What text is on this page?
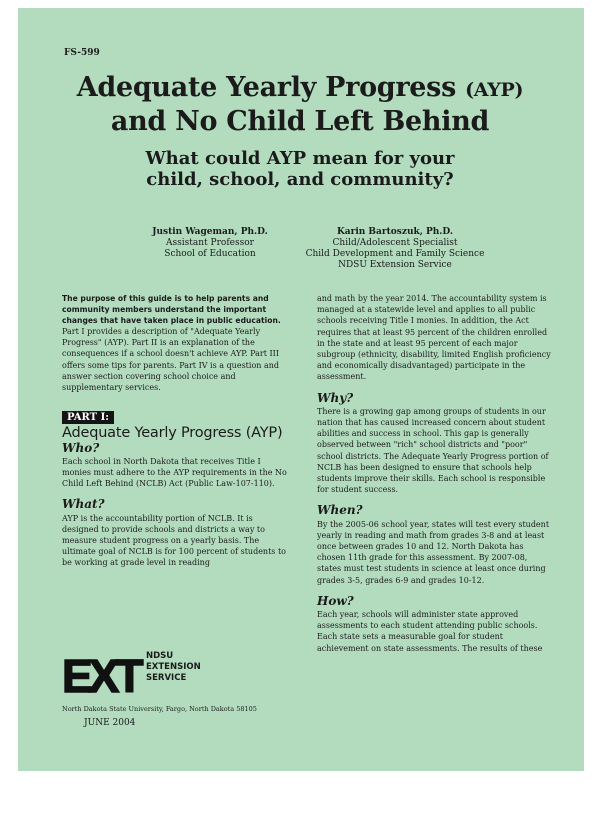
FS-599
Adequate Yearly Progress (AYP)
and No Child Left Behind
What could AYP mean for your
child, school, and community?
Justin Wageman, Ph.D.
Assistant Professor
School of Education
Karin Bartoszuk, Ph.D.
Child/Adolescent Specialist
Child Development and Family Science
NDSU Extension Service

The purpose of this guide is to help parents and community members understand the important changes that have taken place in public education.

Part I provides a description of "Adequate Yearly Progress" (AYP). Part II is an explanation of the consequences if a school doesn't achieve AYP. Part III offers some tips for parents. Part IV is a question and answer section covering school choice and supplementary services.

PART I:
Adequate Yearly Progress (AYP)
Who?

Each school in North Dakota that receives Title I monies must adhere to the AYP requirements in the No Child Left Behind (NCLB) Act (Public Law-107-110).

What?

AYP is the accountability portion of NCLB. It is designed to provide schools and districts a way to measure student progress on a yearly basis. The ultimate goal of NCLB is for 100 percent of students to be working at grade level in reading

and math by the year 2014. The accountability system is managed at a statewide level and applies to all public schools receiving Title I monies. In addition, the Act requires that at least 95 percent of the children enrolled in the state and at least 95 percent of each major subgroup (ethnicity, disability, limited English proficiency and economically disadvantaged) participate in the assessment.

Why?

There is a growing gap among groups of students in our nation that has caused increased concern about student abilities and success in school. This gap is generally observed between "rich" school districts and "poor" school districts. The Adequate Yearly Progress portion of NCLB has been designed to ensure that schools help students improve their skills. Each school is responsible for student success.

When?

By the 2005-06 school year, states will test every student yearly in reading and math from grades 3-8 and at least once between grades 10 and 12. North Dakota has chosen 11th grade for this assessment. By 2007-08, states must test students in science at least once during grades 3-5, grades 6-9 and grades 10-12.

How?

Each year, schools will administer state approved assessments to each student attending public schools. Each state sets a measurable goal for student achievement on state assessments. The results of these

EXT NDSU
EXTENSION
SERVICE
North Dakota State University, Fargo, North Dakota 58105
JUNE 2004
